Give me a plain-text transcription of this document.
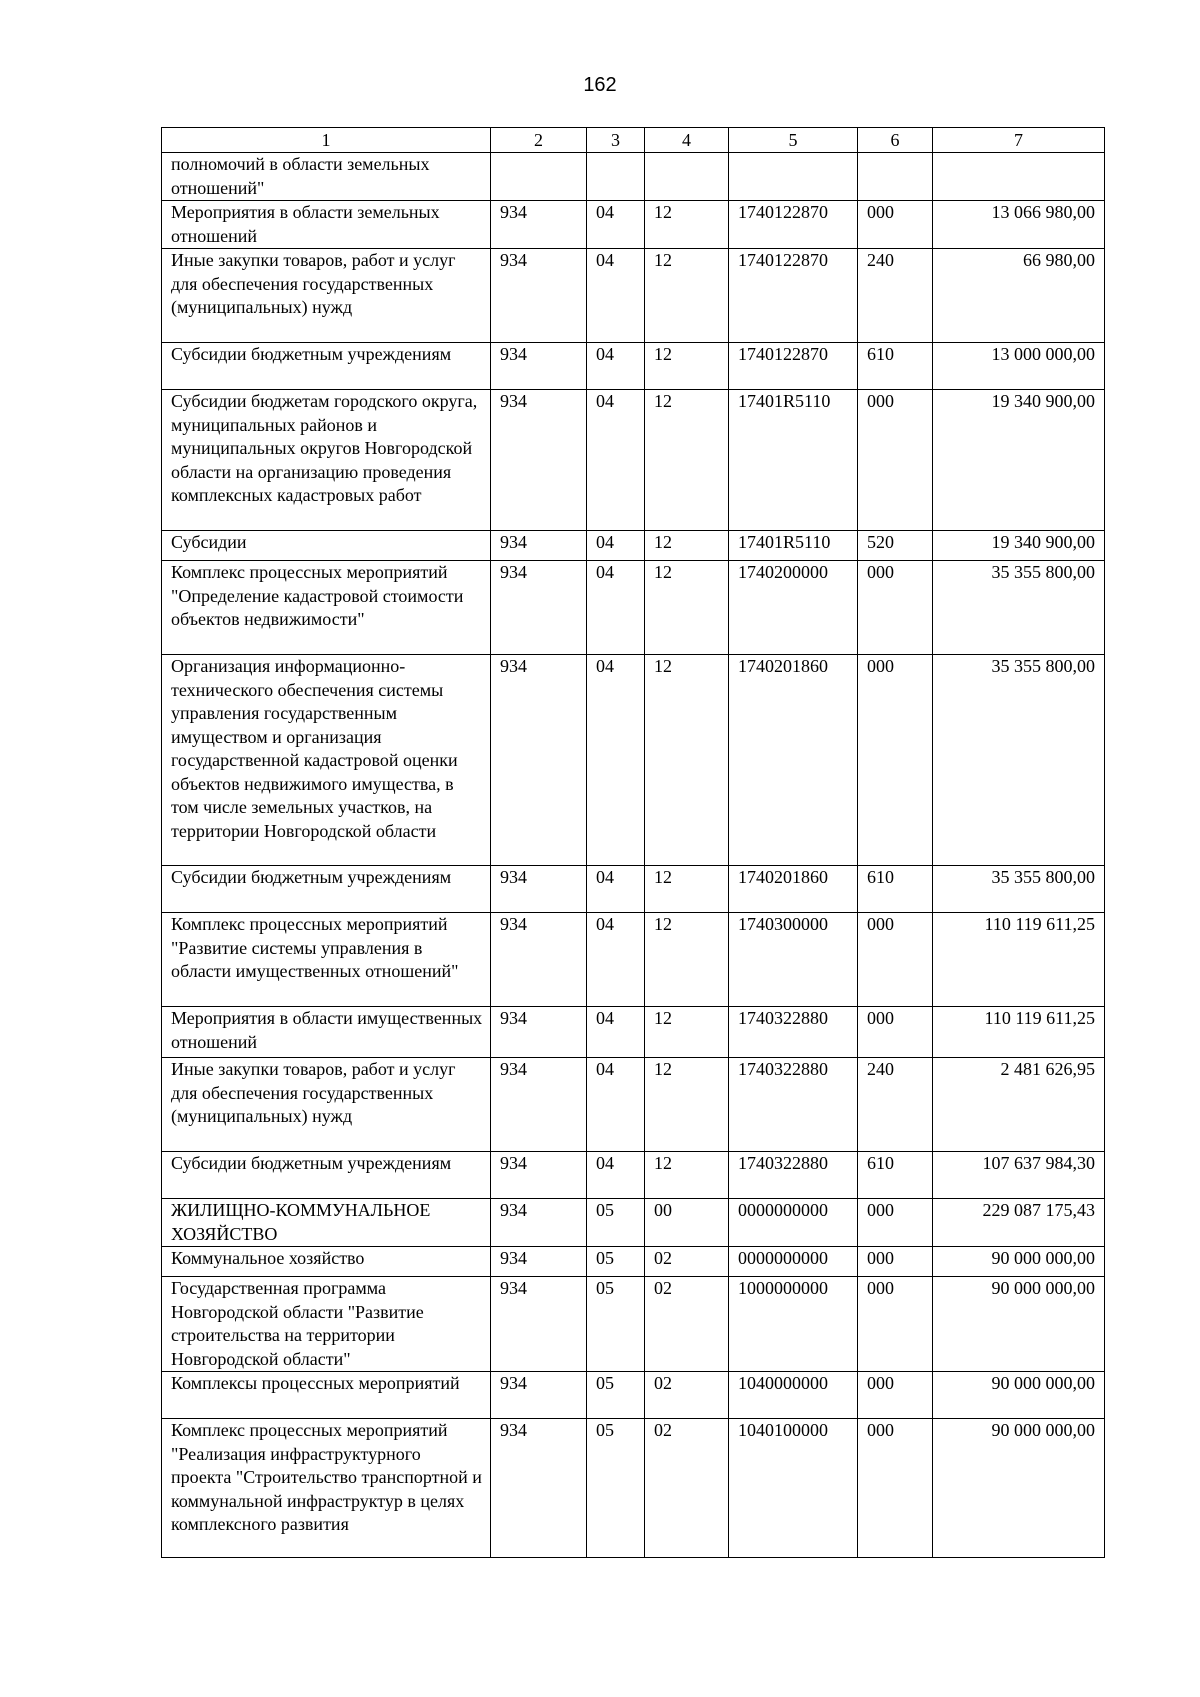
162
1	2	3	4	5	6	7
полномочий в области земельных отношений"						
Мероприятия в области земельных отношений	934	04	12	1740122870	000	13 066 980,00
Иные закупки товаров, работ и услуг для обеспечения государственных (муниципальных) нужд	934	04	12	1740122870	240	66 980,00
Субсидии бюджетным учреждениям	934	04	12	1740122870	610	13 000 000,00
Субсидии бюджетам городского округа, муниципальных районов и муниципальных округов Новгородской области на организацию проведения комплексных кадастровых работ	934	04	12	17401R5110	000	19 340 900,00
Субсидии	934	04	12	17401R5110	520	19 340 900,00
Комплекс процессных мероприятий "Определение кадастровой стоимости объектов недвижимости"	934	04	12	1740200000	000	35 355 800,00
Организация информационно-технического обеспечения системы управления государственным имуществом и организация государственной кадастровой оценки объектов недвижимого имущества, в том числе земельных участков, на территории Новгородской области	934	04	12	1740201860	000	35 355 800,00
Субсидии бюджетным учреждениям	934	04	12	1740201860	610	35 355 800,00
Комплекс процессных мероприятий "Развитие системы управления в области имущественных отношений"	934	04	12	1740300000	000	110 119 611,25
Мероприятия в области имущественных отношений	934	04	12	1740322880	000	110 119 611,25
Иные закупки товаров, работ и услуг для обеспечения государственных (муниципальных) нужд	934	04	12	1740322880	240	2 481 626,95
Субсидии бюджетным учреждениям	934	04	12	1740322880	610	107 637 984,30
ЖИЛИЩНО-КОММУНАЛЬНОЕ ХОЗЯЙСТВО	934	05	00	0000000000	000	229 087 175,43
Коммунальное хозяйство	934	05	02	0000000000	000	90 000 000,00
Государственная программа Новгородской области "Развитие строительства на территории Новгородской области"	934	05	02	1000000000	000	90 000 000,00
Комплексы процессных мероприятий	934	05	02	1040000000	000	90 000 000,00
Комплекс процессных мероприятий "Реализация инфраструктурного проекта "Строительство транспортной и коммунальной инфраструктур в целях комплексного развития	934	05	02	1040100000	000	90 000 000,00
